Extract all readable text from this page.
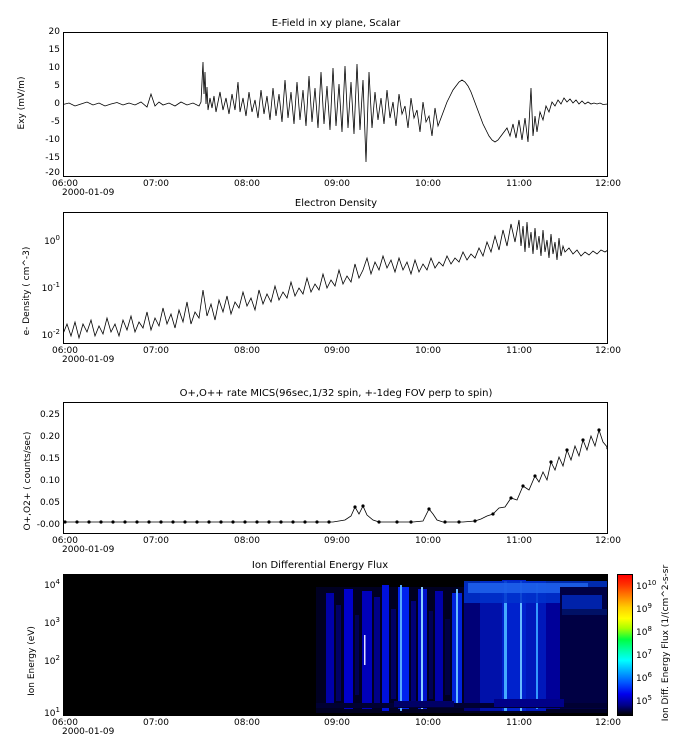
E-Field in xy plane, Scalar
Exy (mV/m)
20
15
10
5
0
-5
-10
-15
-20
06:00	07:00	08:00	09:00	10:00	11:00	12:00
2000-01-09
Electron Density
e- Density ( cm^-3)
$10^0$
$10^{-1}$
$10^{-2}$
06:00	07:00	08:00	09:00	10:00	11:00	12:00
2000-01-09
O+,O++ rate MICS(96sec,1/32 spin, +-1deg FOV perp to spin)
O+,O2+ ( counts/sec)
0.25
0.20
0.15
0.10
0.05
-0.00
06:00	07:00	08:00	09:00	10:00	11:00	12:00
2000-01-09
Ion Differential Energy Flux
Ion Energy (eV)
$10^4$
$10^3$
$10^2$
$10^1$
06:00	07:00	08:00	09:00	10:00	11:00	12:00
2000-01-09
Ion Diff. Energy Flux (1/(cm^2-s-sr
$10^{10}$
$10^9$
$10^8$
$10^7$
$10^6$
$10^5$
